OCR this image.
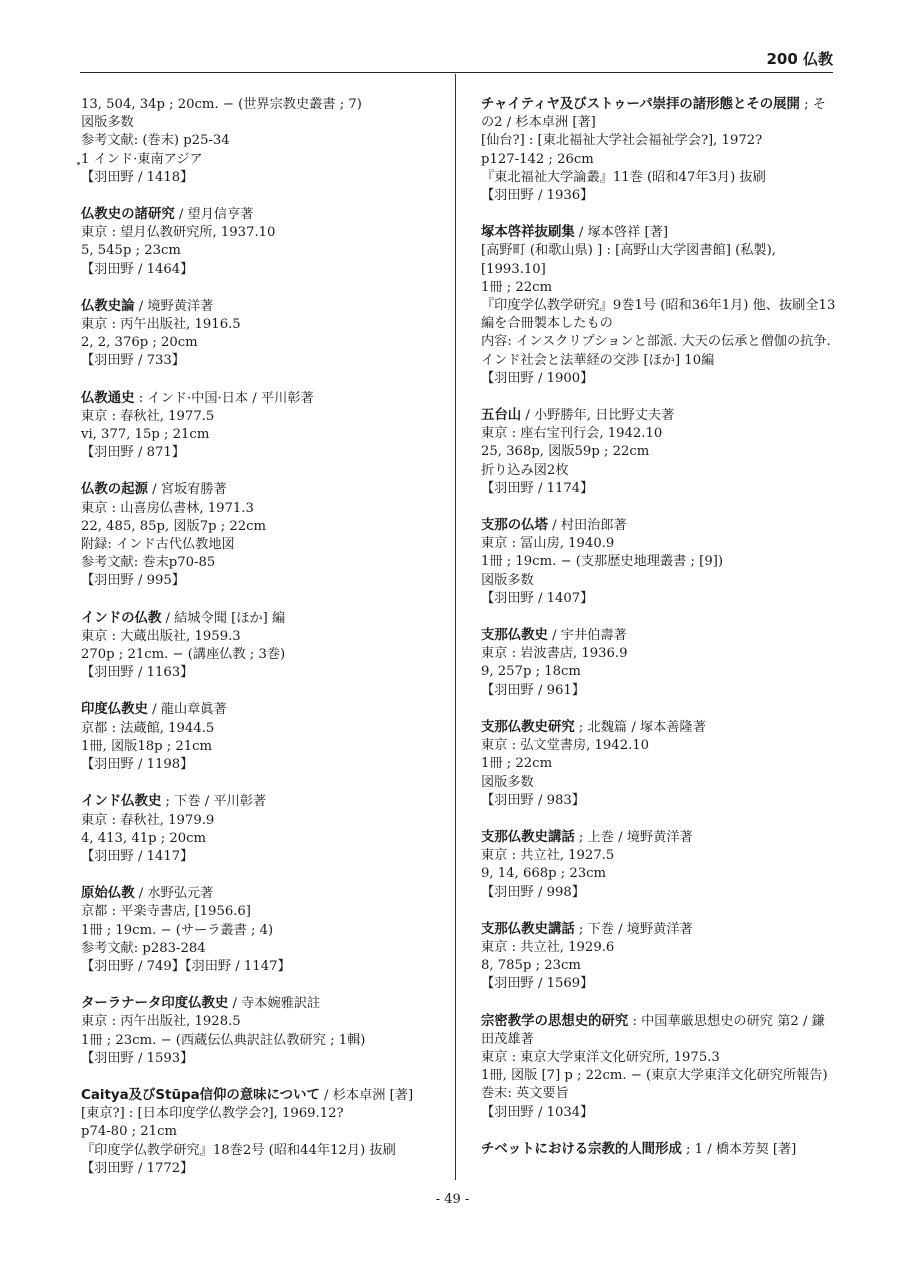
200 仏教

13, 504, 34p ; 20cm. − (世界宗教史叢書 ; 7)

図版多数

参考文献: (巻末) p25-34

1 インド·東南アジア

【羽田野 / 1418】

仏教史の諸研究 / 望月信亨著

東京 : 望月仏教研究所, 1937.10

5, 545p ; 23cm

【羽田野 / 1464】

仏教史論 / 境野黄洋著

東京 : 丙午出版社, 1916.5

2, 2, 376p ; 20cm

【羽田野 / 733】

仏教通史 : インド·中国·日本 / 平川彰著

東京 : 春秋社, 1977.5

vi, 377, 15p ; 21cm

【羽田野 / 871】

仏教の起源 / 宮坂宥勝著

東京 : 山喜房仏書林, 1971.3

22, 485, 85p, 図版7p ; 22cm

附録: インド古代仏教地図

参考文献: 巻末p70-85

【羽田野 / 995】

インドの仏教 / 結城令聞 [ほか] 編

東京 : 大蔵出版社, 1959.3

270p ; 21cm. − (講座仏教 ; 3巻)

【羽田野 / 1163】

印度仏教史 / 龍山章眞著

京都 : 法蔵館, 1944.5

1冊, 図版18p ; 21cm

【羽田野 / 1198】

インド仏教史 ; 下巻 / 平川彰著

東京 : 春秋社, 1979.9

4, 413, 41p ; 20cm

【羽田野 / 1417】

原始仏教 / 水野弘元著

京都 : 平楽寺書店, [1956.6]

1冊 ; 19cm. − (サーラ叢書 ; 4)

参考文献: p283-284

【羽田野 / 749】【羽田野 / 1147】

ターラナータ印度仏教史 / 寺本婉雅訳註

東京 : 丙午出版社, 1928.5

1冊 ; 23cm. − (西蔵伝仏典訳註仏教研究 ; 1輯)

【羽田野 / 1593】

Caitya及びStūpa信仰の意味について / 杉本卓洲 [著]

[東京?] : [日本印度学仏教学会?], 1969.12?

p74-80 ; 21cm

『印度学仏教学研究』18巻2号 (昭和44年12月) 抜刷

【羽田野 / 1772】

チャイティヤ及びストゥーパ崇拝の諸形態とその展開 ; その2 / 杉本卓洲 [著]

[仙台?] : [東北福祉大学社会福祉学会?], 1972?

p127-142 ; 26cm

『東北福祉大学論叢』11巻 (昭和47年3月) 抜刷

【羽田野 / 1936】

塚本啓祥抜刷集 / 塚本啓祥 [著]

[高野町 (和歌山県) ] : [高野山大学図書館] (私製), [1993.10]

1冊 ; 22cm

『印度学仏教学研究』9巻1号 (昭和36年1月) 他、抜刷全13編を合冊製本したもの

内容: インスクリプションと部派. 大天の伝承と僧伽の抗争. インド社会と法華経の交渉 [ほか] 10編

【羽田野 / 1900】

五台山 / 小野勝年, 日比野丈夫著

東京 : 座右宝刊行会, 1942.10

25, 368p, 図版59p ; 22cm

折り込み図2枚

【羽田野 / 1174】

支那の仏塔 / 村田治郎著

東京 : 冨山房, 1940.9

1冊 ; 19cm. − (支那歴史地理叢書 ; [9])

図版多数

【羽田野 / 1407】

支那仏教史 / 宇井伯壽著

東京 : 岩波書店, 1936.9

9, 257p ; 18cm

【羽田野 / 961】

支那仏教史研究 ; 北魏篇 / 塚本善隆著

東京 : 弘文堂書房, 1942.10

1冊 ; 22cm

図版多数

【羽田野 / 983】

支那仏教史講話 ; 上巻 / 境野黄洋著

東京 : 共立社, 1927.5

9, 14, 668p ; 23cm

【羽田野 / 998】

支那仏教史講話 ; 下巻 / 境野黄洋著

東京 : 共立社, 1929.6

8, 785p ; 23cm

【羽田野 / 1569】

宗密教学の思想史的研究 : 中国華厳思想史の研究 第2 / 鎌田茂雄著

東京 : 東京大学東洋文化研究所, 1975.3

1冊, 図版 [7] p ; 22cm. − (東京大学東洋文化研究所報告)

巻末: 英文要旨

【羽田野 / 1034】

チベットにおける宗教的人間形成 ; 1 / 橋本芳契 [著]

- 49 -
